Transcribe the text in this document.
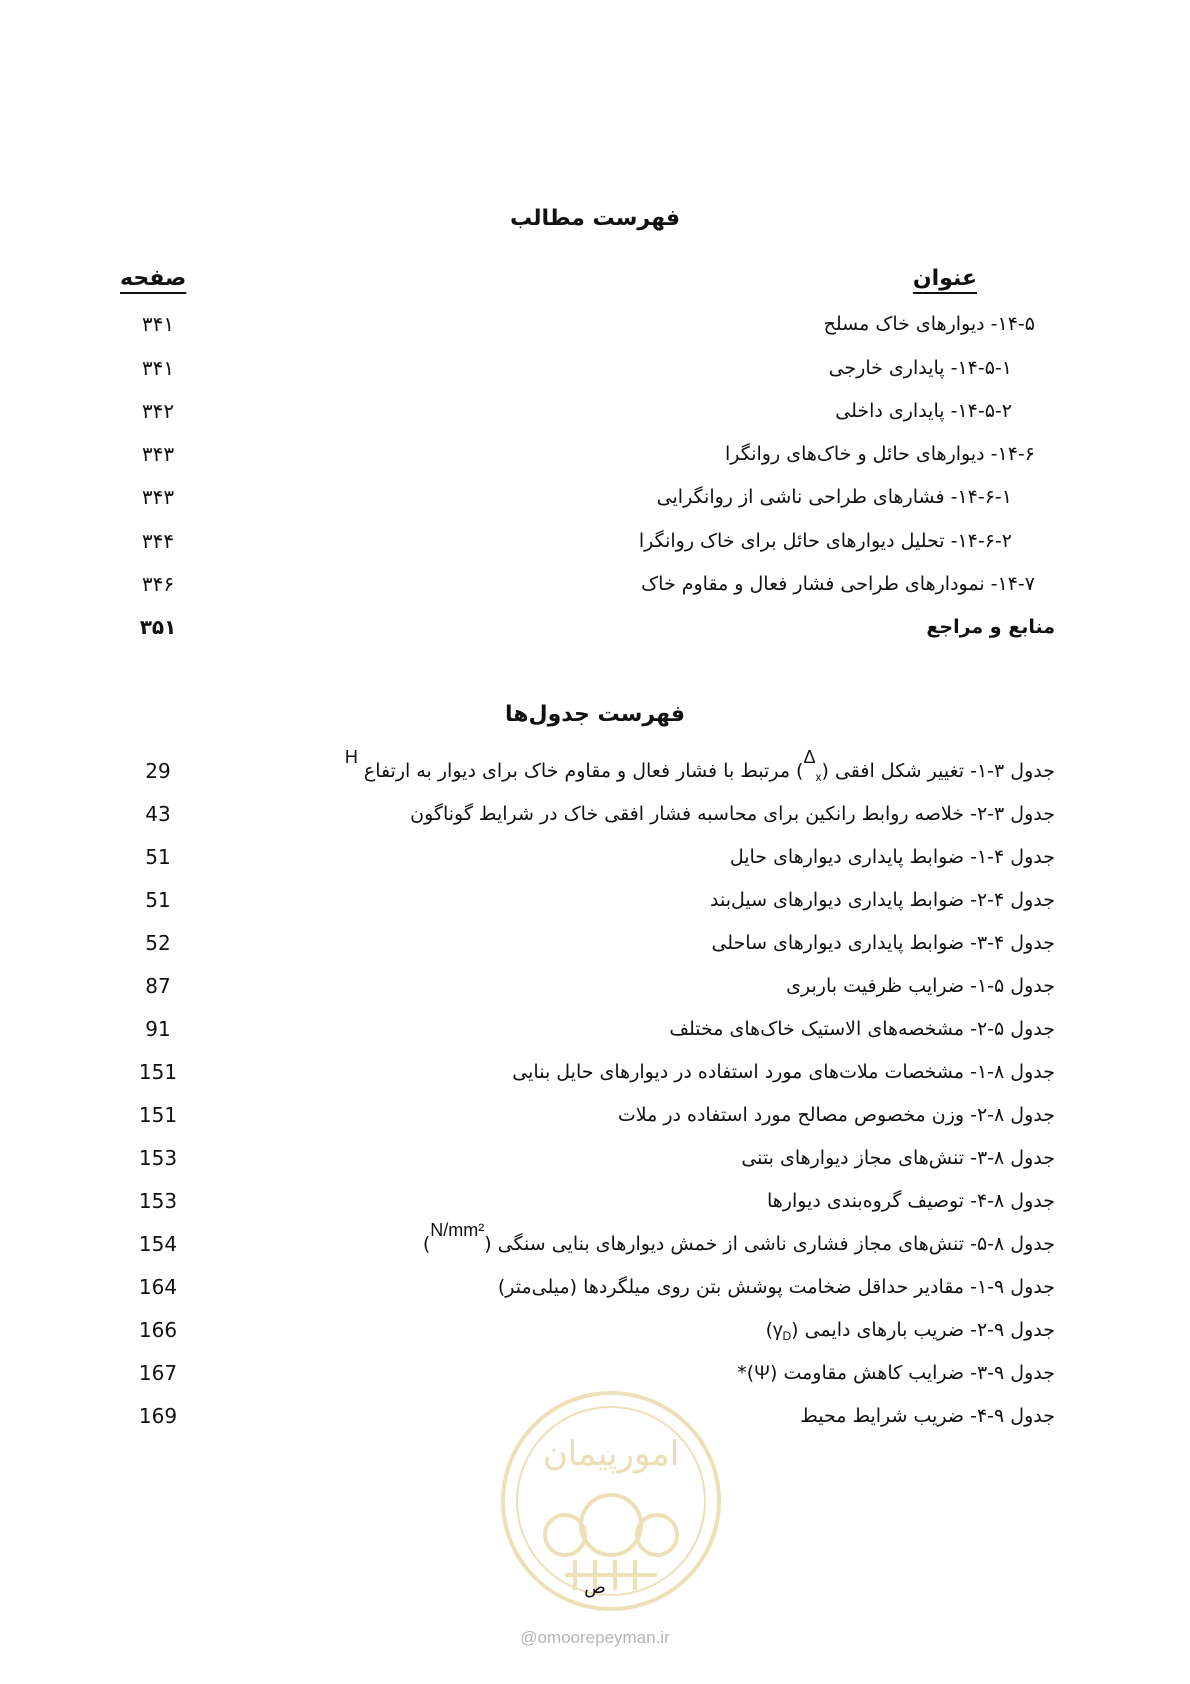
فهرست مطالب
عنوان
صفحه
۱۴-۵- دیوارهای خاک مسلح
۳۴۱
۱۴-۵-۱- پایداری خارجی
۳۴۱
۱۴-۵-۲- پایداری داخلی
۳۴۲
۱۴-۶- دیوارهای حائل و خاک‌های روانگرا
۳۴۳
۱۴-۶-۱- فشارهای طراحی ناشی از روانگرایی
۳۴۳
۱۴-۶-۲- تحلیل دیوارهای حائل برای خاک روانگرا
۳۴۴
۱۴-۷- نمودارهای طراحی فشار فعال و مقاوم خاک
۳۴۶
منابع و مراجع
۳۵۱
فهرست جدول‌ها
جدول ۳-۱- تغییر شکل افقی $(\Delta_x)$ مرتبط با فشار فعال و مقاوم خاک برای دیوار به ارتفاع H
29
جدول ۳-۲- خلاصه روابط رانکین برای محاسبه فشار افقی خاک در شرایط گوناگون
43
جدول ۴-۱- ضوابط پایداری دیوارهای حایل
51
جدول ۴-۲- ضوابط پایداری دیوارهای سیل‌بند
51
جدول ۴-۳- ضوابط پایداری دیوارهای ساحلی
52
جدول ۵-۱- ضرایب ظرفیت باربری
87
جدول ۵-۲- مشخصه‌های الاستیک خاک‌های مختلف
91
جدول ۸-۱- مشخصات ملات‌های مورد استفاده در دیوارهای حایل بنایی
151
جدول ۸-۲- وزن مخصوص مصالح مورد استفاده در ملات
151
جدول ۸-۳- تنش‌های مجاز دیوارهای بتنی
153
جدول ۸-۴- توصیف گروه‌بندی دیوارها
153
جدول ۸-۵- تنش‌های مجاز فشاری ناشی از خمش دیوارهای بنایی سنگی (N/mm²)
154
جدول ۹-۱- مقادیر حداقل ضخامت پوشش بتن روی میلگردها (میلی‌متر)
164
جدول ۹-۲- ضریب بارهای دایمی $(\gamma_D)$
166
جدول ۹-۳- ضرایب کاهش مقاومت (Ψ)*
167
جدول ۹-۴- ضریب شرایط محیط
169
امورپیمان
ص
@omoorepeyman.ir
